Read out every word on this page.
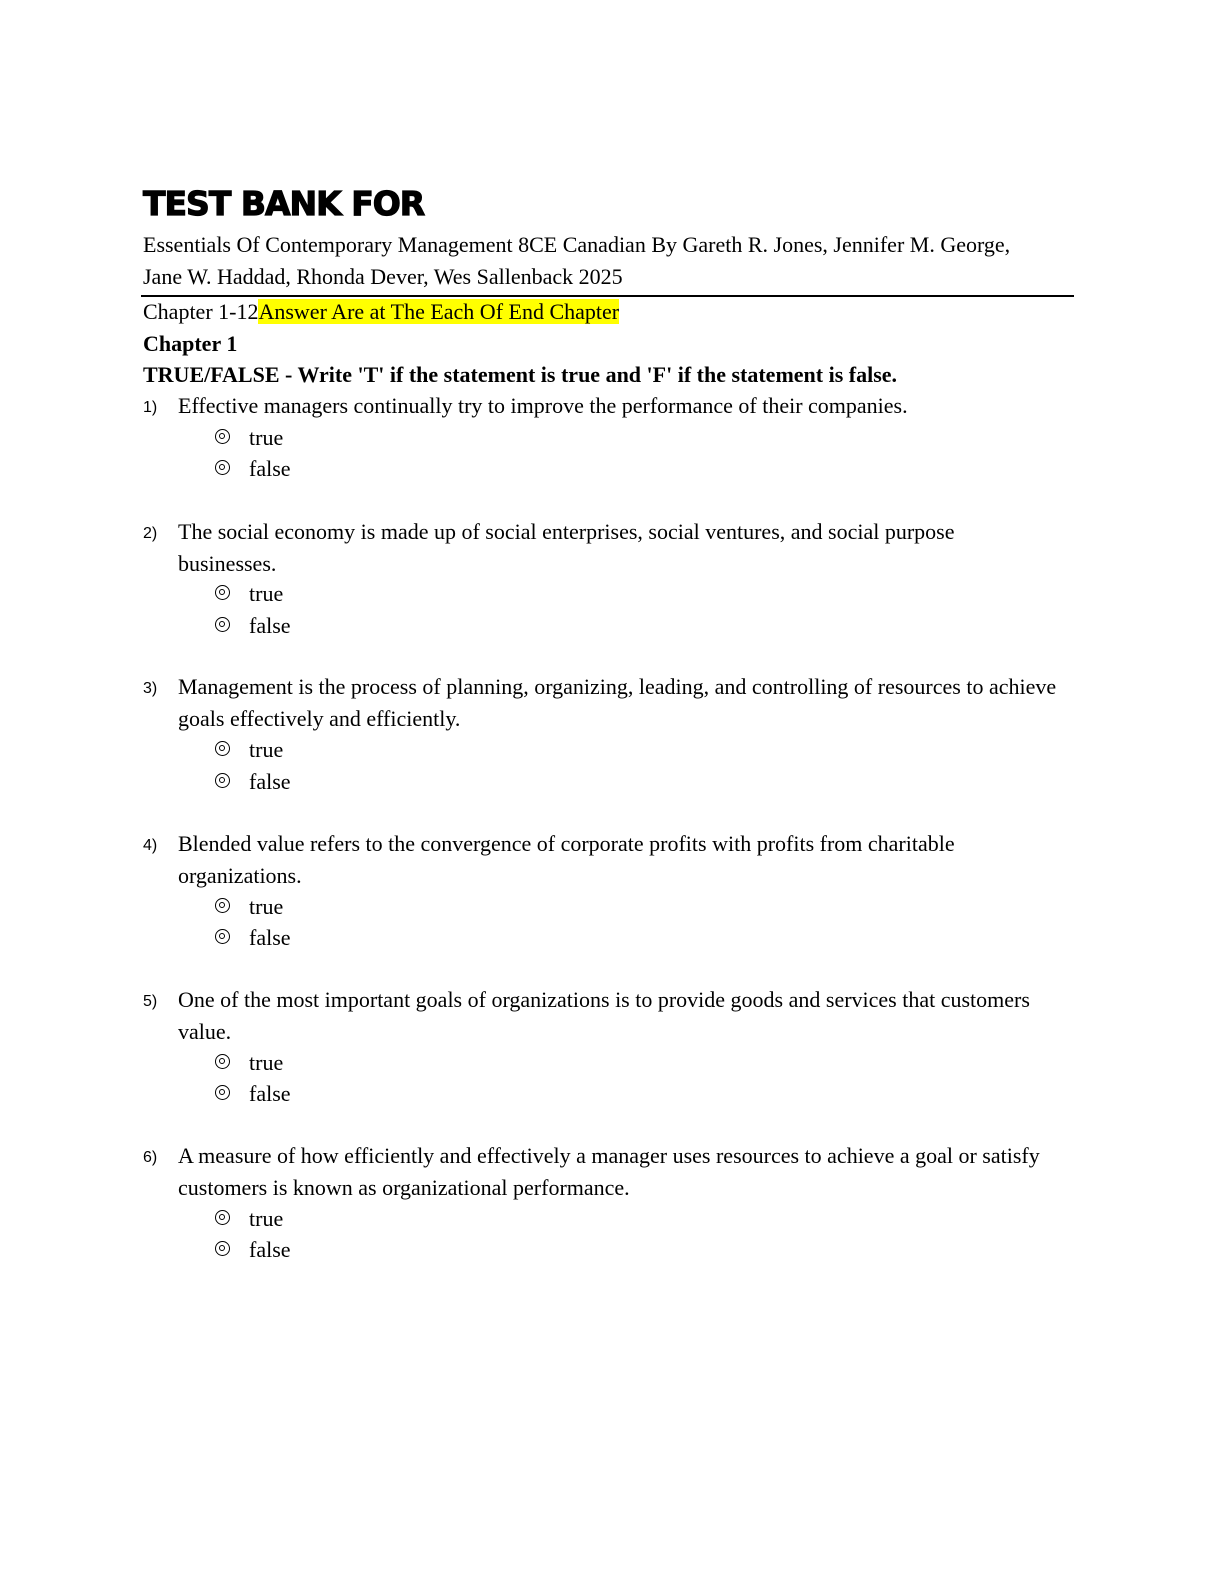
TEST BANK FOR
Essentials Of Contemporary Management 8CE Canadian By Gareth R. Jones, Jennifer M. George, Jane W. Haddad, Rhonda Dever, Wes Sallenback 2025
Chapter 1-12Answer Are at The Each Of End Chapter
Chapter 1
TRUE/FALSE - Write 'T' if the statement is true and 'F' if the statement is false.
1) Effective managers continually try to improve the performance of their companies.
true
false
2) The social economy is made up of social enterprises, social ventures, and social purpose businesses.
true
false
3) Management is the process of planning, organizing, leading, and controlling of resources to achieve goals effectively and efficiently.
true
false
4) Blended value refers to the convergence of corporate profits with profits from charitable organizations.
true
false
5) One of the most important goals of organizations is to provide goods and services that customers value.
true
false
6) A measure of how efficiently and effectively a manager uses resources to achieve a goal or satisfy customers is known as organizational performance.
true
false
